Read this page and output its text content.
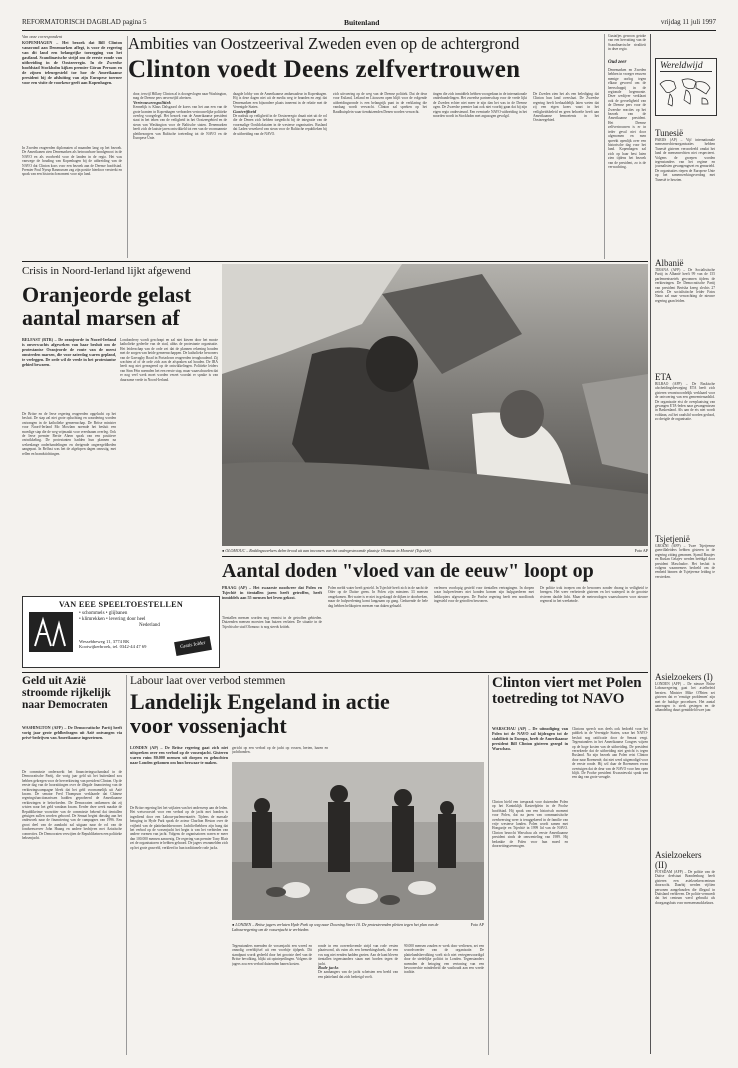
REFORMATORISCH DAGBLAD pagina 5	Buitenland	vrijdag 11 juli 1997
Van onze correspondent
KOPENHAGEN – Het bezoek dat Bill Clinton vanavond aan Denemarken aflegt, is voor de regering van dit land een belangrijke toezegging van het gastland. Scandinavische strijd om de eerste ronde van uitbreiding in de Oostzeeregio. In de Zweedse hoofdstad Stockholm kijken premier Göran Persson en de zijnen teleurgesteld toe hoe de Amerikaanse president bij de afsluiting van zijn Europese toernee voor een visite de voorkeur geeft aan Kopenhagen.
Ambities van Oostzeerival Zweden even op de achtergrond
Clinton voedt Deens zelfvertrouwen
In Zweden reageerden diplomaten al maanden lang op het bezoek. De Amerikanen zien Denemarken als betrouwbare bondgenoot in de NAVO en als voorbeeld voor de landen in de regio. Het was vanwege de houding van Kopenhagen bij de uitbreiding van de NAVO dat Clinton koos voor een bezoek aan de Deense hoofdstad. Premier Poul Nyrup Rasmussen zag zijn positie hierdoor versterkt en sprak van een historisch moment voor zijn land.
door, terwijl Hillary Clinton al is doorgevlogen naar Washington, mag de Deense pers onverwijld afreizen.
Vertrouwenspolitiek
Kennelijk is Klaus Dalsgaard de koers van het aan een van de grote kranten in Kopenhagen verbonden vertrouwelijke politieke overleg voorgelegd. Het bezoek van de Amerikaanse president staat in het teken van de veiligheid in het Oostzeegebied en de steun van Washington voor de Baltische staten. Denemarken heeft zich de laatste jaren ontwikkeld tot een van de voornaamste pleitbezorgers van Baltische toetreding tot de NAVO en de Europese Unie.
daagde lobby van de Amerikaanse ambassadeur in Kopenhagen. Hij is deze dagen niet uit de media weg te branden en zegt dat Denemarken een bijzondere plaats inneemt in de relatie met de Verenigde Staten.
Gastvrijheid
De nadruk op veiligheid in de Oostzeeregio draait niet uit de rol die de Denen zich hebben toegedicht bij de integratie van de voormalige Oostblokstaten in de westerse organisaties. Rusland dat Laden verzekerd van steun voor de Baltische republieken bij de uitbreiding van de NAVO.
zich uitvoering op de weg van de Deense politiek. Dat de deur voor Estland, Letland en Litouwen open blijft voor de volgende uitbreidingsronde is een belangrijk punt in de verklaring die vandaag wordt verwacht. Clinton zal spreken op het Raadhuisplein waar tienduizenden Denen worden verwacht.
tingen die zich inmiddels hebben voorgedaan in de internationale onderhandelingen. Het zweedse partnerschap voor de vrede lijkt de Zweden echter niet meer te zijn dan het was in de Deense ogen. De Zweedse premier laat ook niet voorbij gaan dat hij zijn eigen regio ondersteund. Een eventuele NAVO-uitbreiding in het noorden wordt in Stockholm met argusogen gevolgd.
De Zweden zien het als een belediging dat Clinton hun land overslaat. De Zweedse regering heeft herhaaldelijk laten weten dat zij een eigen koers vaart in het veiligheidsbeleid en geen behoefte heeft aan Amerikaanse bemoeienis in het Oostzeegebied.
Gustafjes gewoon getoke van een hervatting van de Scandinavische rivaliteit in deze regio.
Oud zeer
Denemarken en Zweden hebben in vroeger eeuwen menige oorlog tegen elkaar gevoerd om de heerschappij in de regionale hegemonie. Deze wedijver verklaart ook de gevoeligheid van de Deense pers voor de Zweedse reacties op het bezoek van de Amerikaanse president. Het Deense zelfvertrouwen is er in ieder geval niet door afgenomen en men spreekt openlijk over een historische dag voor het land. Kopenhagen zal zich op haar best laten zien tijdens het bezoek van de president, zo is de verwachting.
Wereldwijd
Tunesië
PARIJS (AP) – Vijf internationale mensenrechtenorganisaties hebben Tunesië gisteren veroordeeld omdat het land de mensenrechten niet respecteert. Volgens de groepen worden tegenstanders van het regime en journalisten gevangengezet en gemarteld. De organisaties riepen de Europese Unie op het samenwerkingsverdrag met Tunesië te herzien.
Albanië
TIRANA (AFP) – De Socialistische Partij in Albanië heeft 99 van de 155 parlementszetels gewonnen tijdens de verkiezingen. De Democratische Partij van president Berisha kreeg slechts 27 zetels. De socialistische leider Fatos Nano zal naar verwachting de nieuwe regering gaan leiden.
ETA
BILBAO (AFP) – De Baskische afscheidingsbeweging ETA heeft zich gisteren verantwoordelijk verklaard voor de ontvoering van een gemeenteraadslid. De organisatie eist de overplaatsing van gevangen ETA-leden naar gevangenissen in Baskenland. Als aan de eis niet wordt voldaan, zal het raadslid worden gedood, zo dreigde de organisatie.
Tsjetjenië
GROZNI (AFP) – Twee Tsjetjeense guerrillaleiders hebben gisteren in de regering zitting genomen. Sjamil Basajev en Ruslan Gelajev werden beëdigd door president Maschadov. Het besluit is volgens waarnemers bedoeld om de eenheid binnen de Tsjetjeense leiding te versterken.
Asielzoekers (I)
LONDEN (AFP) – De nieuwe Britse Labourregering gaat het asielbeleid herzien. Minister Mike O'Brien zei gisteren dat er 'ernstige problemen' zijn met de huidige procedures. Het aantal aanvragen is sterk gestegen en de afhandeling duurt gemiddeld twee jaar.
Asielzoekers (II)
POTSDAM (AFP) – De politie van de Duitse deelstaat Brandenburg heeft gisteren een asielzoekerscentrum doorzocht. Daarbij werden vijftien personen aangehouden die illegaal in Duitsland verbleven. De politie vermoedt dat het centrum werd gebruikt als doorgangshuis voor mensensmokkelaars.
Crisis in Noord-Ierland lijkt afgewend
Oranjeorde gelast aantal marsen af
BELFAST (RTR) – De oranjeorde in Noord-Ierland is onverwachts afgeweken van haar besluit om de protestantse Oranjeorde de route van de meest omstreden marsen, die voor zaterdag waren gepland, te verleggen. De orde wil de vrede in het protestantse gebied bewaren.
De Britse en de Ierse regering reageerden opgelucht op het besluit. De stap zal niet grote opluchting en waardering worden ontvangen in de katholieke gemeenschap. De Britse minister voor Noord-Ierland Mo Mowlam noemde het besluit een moedige stap die de weg vrijmaakt voor vreedzaam overleg. Ook de Ierse premier Bertie Ahern sprak van een positieve ontwikkeling. De protestanten hadden hun plannen na wekenlange onderhandelingen en dreigende ongeregeldheden aangepast. In Belfast was het de afgelopen dagen onrustig, met rellen en brandstichtingen.
Londonderry wordt geschrapt en zal niet kiezen door het mooie katholieke gedeelte van de stad, aldus de protestante organisatie. Het leiderschap van de orde zei dat de plannen rekening houden met de zorgen van beide gemeenschappen. De katholieke bewoners van de Garvaghy Road in Portadown reageerden terughoudend. Zij wachten af of de orde zich aan de afspraken zal houden. De IRA heeft nog niet gereageerd op de ontwikkelingen. Politieke leiders van Sinn Féin noemden het een eerste stap, maar waarschuwden dat er nog veel werk moet worden verzet voordat er sprake is van duurzame vrede in Noord-Ierland.
● OLOMOUC – Reddingswerkers delen brood uit aan inwoners van het ondergestroomde plaatsje Olomouc in Moravië (Tsjechië).	Foto AP
VAN EEE SPEELTOESTELLEN
• schommels • glijbanen
• klimrekken • levering door heel
Nederland
Wessebbeweg 11, 3774 RK Kootwijkerbroek, tel. 0342-44 47 69	Gratis folder
Aantal doden "vloed van de eeuw" loopt op
PRAAG (AP) – Het zwaarste noodweer dat Polen en Tsjechië in tientallen jaren heeft getroffen, heeft inmiddels aan 55 mensen het leven gekost.
Tientallen mensen worden nog vermist in de getroffen gebieden. Duizenden mensen moesten hun huizen verlaten. De situatie in de Tsjechische stad Olomouc is nog steeds kritiek.
Polen meldt water heeft gesteld. In Tsjechië heeft zich in de nacht de Oder op de Duitse grens. In Polen zijn minstens 33 mensen omgekomen. Het water is er niet in geslaagd de dijken te doorbreken, maar de hulpverlening komt langzaam op gang. Gedurende de hele dag hebben helikopters mensen van daken gehaald.
verleners voorlopig gesteld voor tientallen vertragingen. In dorpen waar hulpverleners niet konden komen zijn hulpgoederen met helikopters afgeworpen. De Poolse regering heeft een noodfonds ingesteld voor de getroffen bewoners.
De politie trok troepen om de bewoners zonder dwang in veiligheid te brengen. Het weer verbeterde gisteren en het waterpeil in de grootste rivieren daalde licht. Maar de meteorologen waarschuwen voor nieuwe regenval in het weekeinde.
Geld uit Azië stroomde rijkelijk naar Democraten
WASHINGTON (AFP) – De Democratische Partij heeft vorig jaar grote geldbedragen uit Azië ontvangen via privé-bedrijven van Amerikaanse ingezetenen.
De commissie onderzoekt het financieringsschandaal in de Democratische Partij, die vorig jaar geld uit het buitenland zou hebben gekregen voor de herverkiezing van president Clinton. Op de eerste dag van de hoorzittingen over de illegale financiering van de verkiezingscampagne bleek dat het geld voornamelijk uit Azië kwam. De senator Fred Thompson verklaarde dat Chinese regeringsfunctionarissen hadden geprobeerd de Amerikaanse verkiezingen te beïnvloeden. De Democraten ontkennen dat zij wisten waar het geld vandaan kwam. Eerder deze week maakte de Republikeinse voorzitter van de commissie bekend dat tientallen getuigen zullen worden gehoord. De Senaat begint dinsdag aan het onderzoek naar de financiering van de campagnes van 1996. Een groot deel van de aandacht zal uitgaan naar de rol van de fondsenwerver John Huang en andere bedrijven met Aziatische connecties. De Democraten verwijten de Republikeinen een politieke heksenjacht.
Labour laat over verbod stemmen
Landelijk Engeland in actie voor vossenjacht
LONDEN (AP) – De Britse regering gaat zich niet uitspreken over een verbod op de vossenjacht. Gisteren waren ruim 80.000 mensen uit dorpen en gehuchten naar Londen gekomen om hun bezwaar te maken.
De Britse regering liet het vrijlaten van het onderwerp aan de leden. Het wetsvoorstel voor een verbod op de jacht met honden is ingediend door een Labour-parlementariër. Tijdens de massale betoging in Hyde Park sprak de acteur Charlton Heston over de vrijheid van de plattelandsbewoner. Jachtliefhebbers zijn bang dat het verbod op de vossenjacht het begin is van het verbieden van andere vormen van jacht. Volgens de organisatoren waren er meer dan 100.000 mensen aanwezig. De regering van premier Tony Blair zei de organisatoren te hebben gehoord. De jagers verzamelden zich op het grote grasveld, verkleed in hun traditionele rode jacks.
gericht op een verbod op de jacht op vossen, herten, hazen en jachthonden.
● LONDEN – Britse jagers verlaten Hyde Park op weg naar Downing Street 10. De protesterenden pleiten tegen het plan van de Labourregering om de vossenjacht te verbieden.
Foto AP
Tegenstanders meenden de vossenjacht een wreed en onnodig overblijfsel uit een voorbije tijdperk. Dit standpunt wordt gedeeld door het grootste deel van de Britse bevolking, blijkt uit opiniepeilingen. Volgens de jagers zou een verbod duizenden banen kosten.
ronde in een oorverdovende strijd van rode vesten plaatsvond, als ruim als een bemerkingsboek, die een vos nog niet eenden hadden gezien. Aan de kant bleven tientallen tegenstanders staan met borden tegen de jacht.
Rode jacks
De aanhangers van de jacht schetsten een beeld van een platteland dat zich bedreigd voelt.
90.000 mensen zouden er werk door verliezen, zei een woordvoerder van de organisatie. De plattelandsbevolking voelt zich niet vertegenwoordigd door de stedelijke politici in Londen. Tegenstanders noemden de betoging een vertoning van een bevoorrechte minderheid die vasthoudt aan een wrede traditie.
Clinton viert met Polen toetreding tot NAVO
WARSCHAU (AP) – De uitnodiging van Polen tot de NAVO zal bijdragen tot de stabiliteit in Europa, heeft de Amerikaanse president Bill Clinton gisteren gezegd in Warschau.
Clinton hield een toespraak voor duizenden Polen op het Koninklijk Kasteelplein in de Poolse hoofdstad. Hij sprak van een historisch moment voor Polen, dat na jaren van communistische overheersing weer is teruggekeerd in de familie van vrije westerse landen. Polen wordt samen met Hongarije en Tsjechië in 1999 lid van de NAVO. Clinton bezocht Warschau als eerste Amerikaanse president sinds de omwenteling van 1989. Hij bedankte de Polen voor hun moed en doorzettingsvermogen.
Clintons speech was deels ook bedoeld voor het publiek in de Verenigde Staten, waar het NAVO-besluit nog ratificatie door de Senaat vergt. Tegenstanders in het Amerikaanse Congres wijzen op de hoge kosten van de uitbreiding. De president verzekerde dat de uitbreiding niet gericht is tegen Rusland. Na zijn bezoek aan Polen reist Clinton door naar Roemenië, dat niet werd uitgenodigd voor de eerste ronde. Hij wil daar de Roemenen ervan overtuigen dat de deur van de NAVO voor hen open blijft. De Poolse president Kwasniewski sprak van een dag van grote vreugde.
